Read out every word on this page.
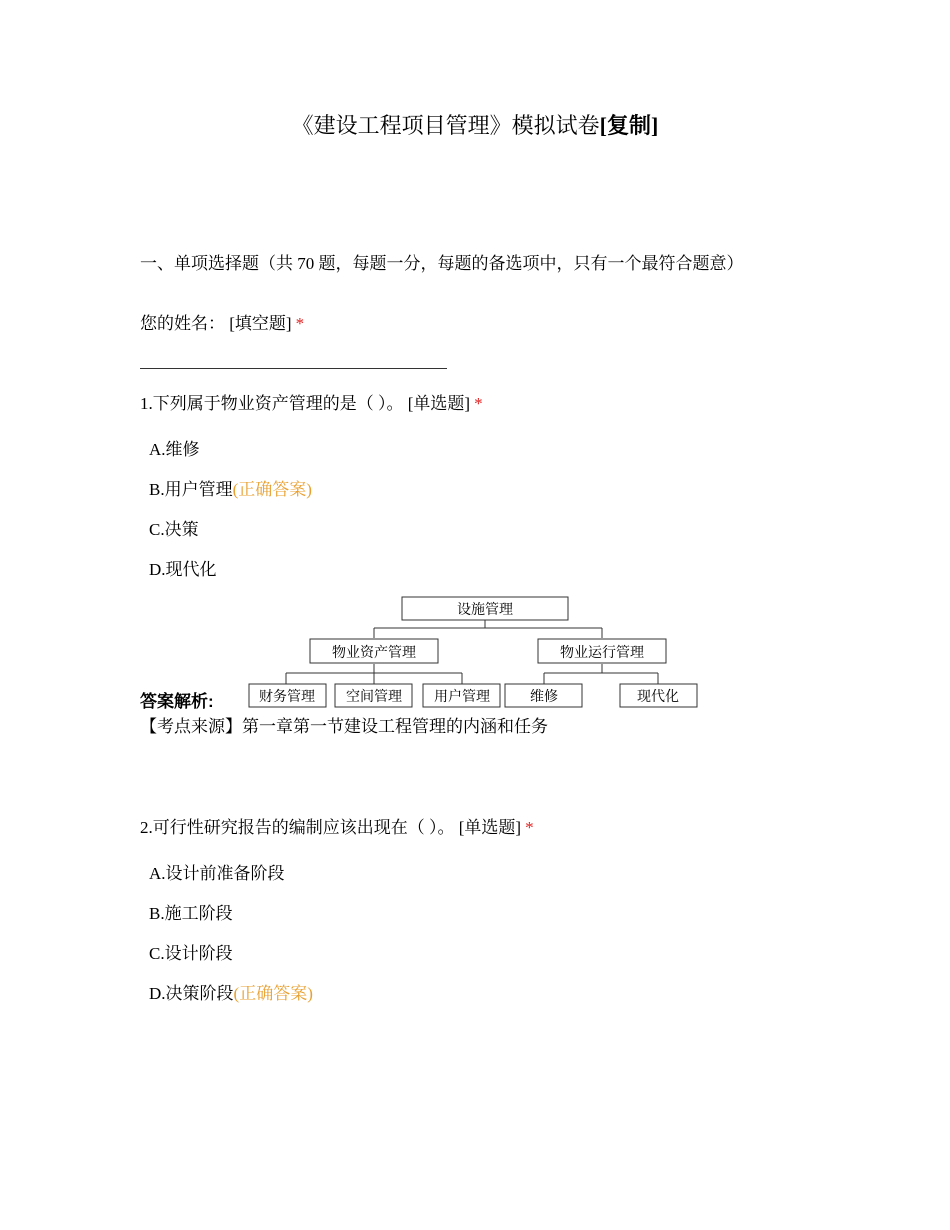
《建设工程项目管理》模拟试卷[复制]
一、单项选择题（共 70 题，每题一分，每题的备选项中，只有一个最符合题意）
您的姓名： [填空题] *
1.下列属于物业资产管理的是（ ）。 [单选题] *
A.维修
B.用户管理(正确答案)
C.决策
D.现代化
设施管理
物业资产管理	物业运行管理
财务管理 空间管理 用户管理	维修	现代化
答案解析:
【考点来源】第一章第一节建设工程管理的内涵和任务
2.可行性研究报告的编制应该出现在（ ）。 [单选题] *
A.设计前准备阶段
B.施工阶段
C.设计阶段
D.决策阶段(正确答案)
